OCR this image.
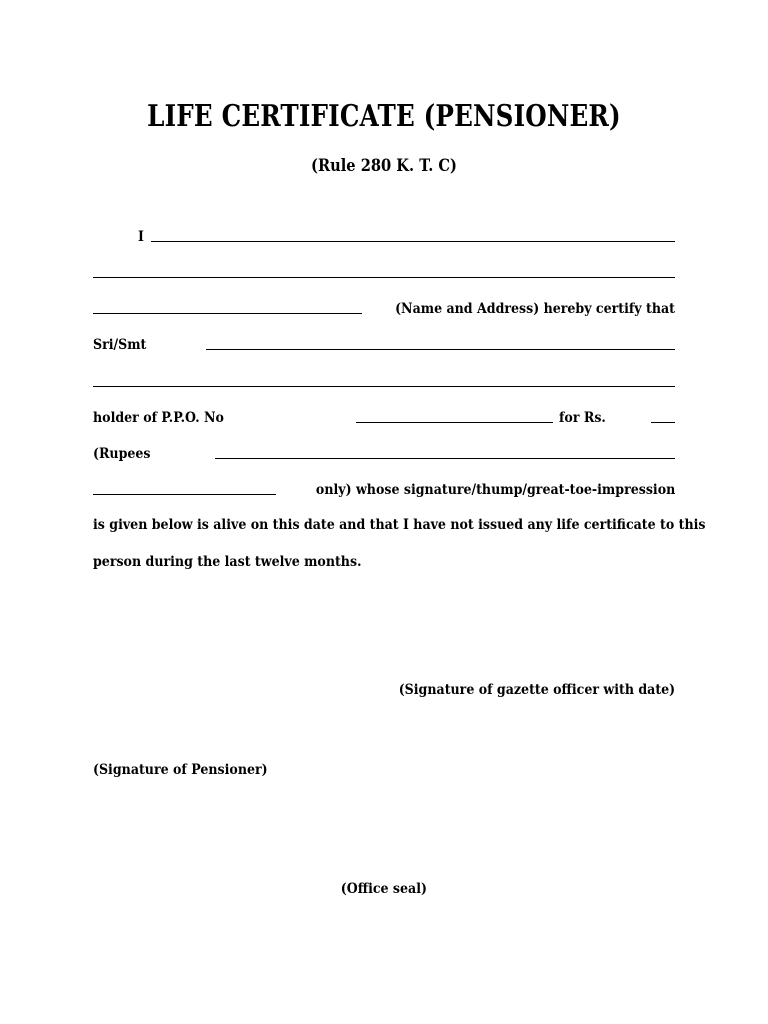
LIFE CERTIFICATE (PENSIONER)
(Rule 280 K. T. C)
I
(Name and Address) hereby certify that
Sri/Smt
holder of P.P.O. No	for Rs.
(Rupees
only) whose signature/thump/great-toe-impression
is given below is alive on this date and that I have not issued any life certificate to this
person during the last twelve months.
(Signature of gazette officer with date)
(Signature of Pensioner)
(Office seal)
